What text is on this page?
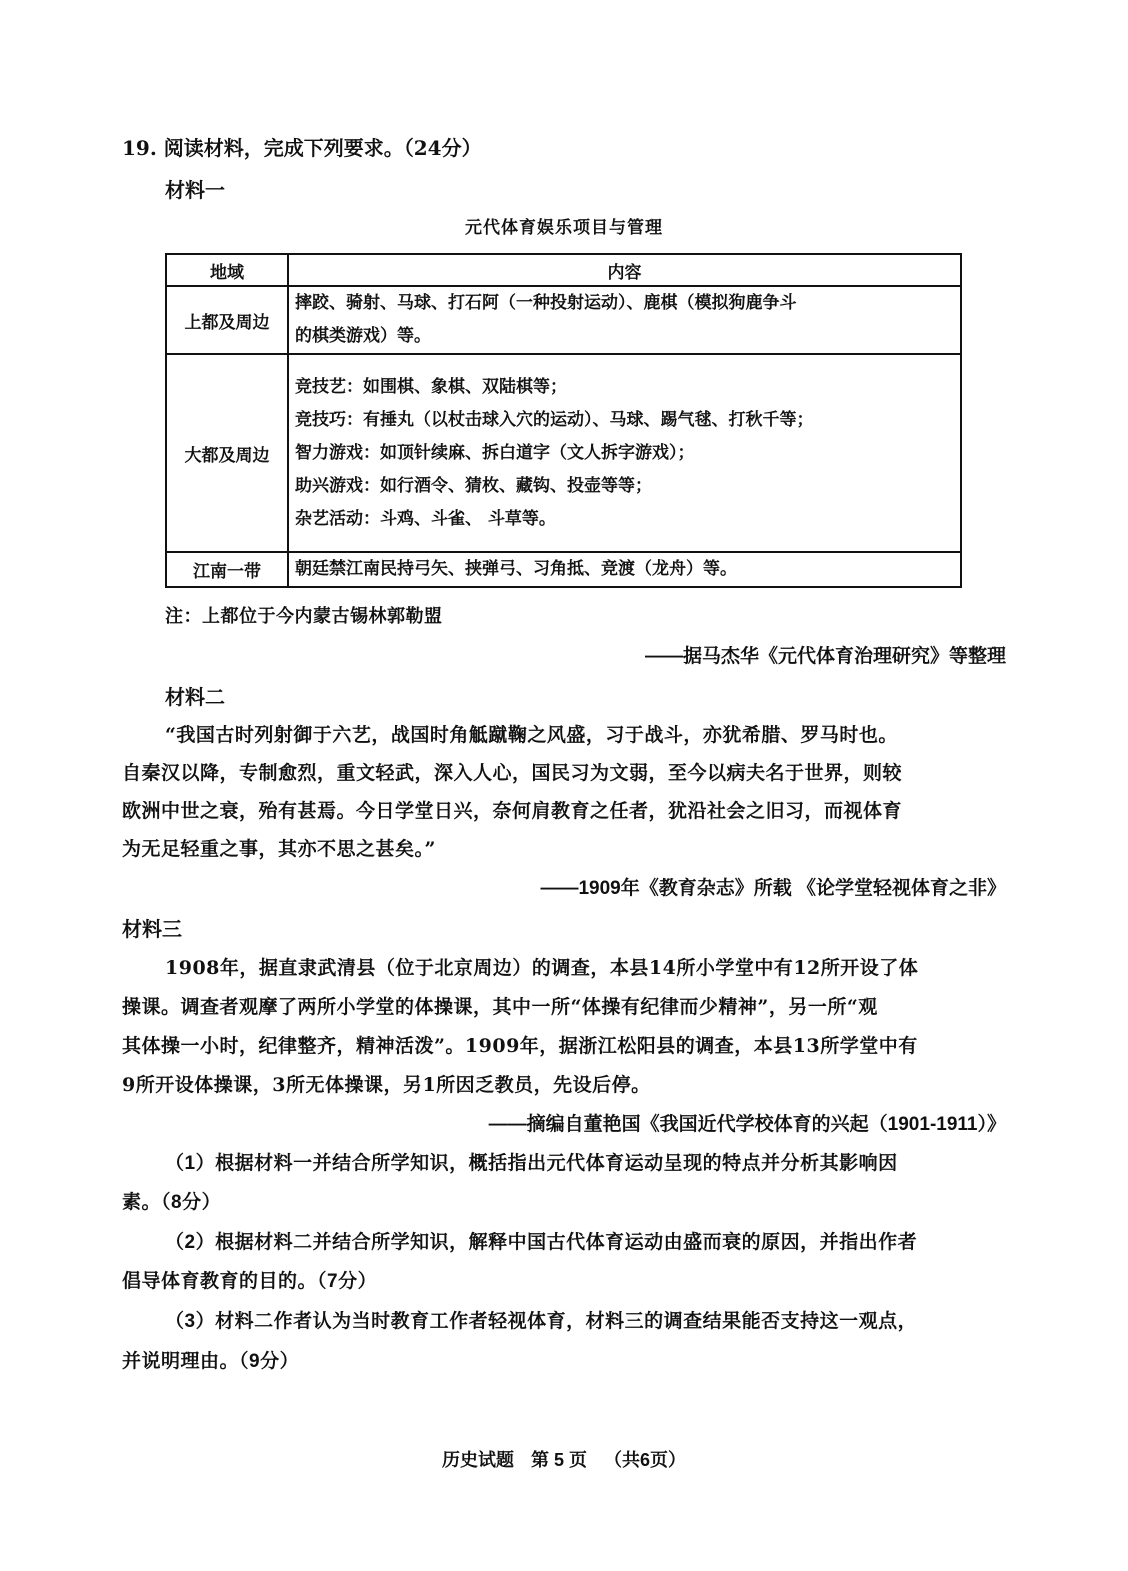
19. 阅读材料，完成下列要求。（24分）
材料一
元代体育娱乐项目与管理
地域	内容
上都及周边	摔跤、骑射、马球、打石阿（一种投射运动）、鹿棋（模拟狗鹿争斗
的棋类游戏）等。

大都及周边	竞技艺：如围棋、象棋、双陆棋等；
竞技巧：有捶丸（以杖击球入穴的运动）、马球、踢气毬、打秋千等；
智力游戏：如顶针续麻、拆白道字（文人拆字游戏）；
助兴游戏：如行酒令、猜枚、藏钩、投壶等等；
杂艺活动：斗鸡、斗雀、 斗草等。

江南一带	朝廷禁江南民持弓矢、挟弹弓、习角抵、竞渡（龙舟）等。
注：上都位于今内蒙古锡林郭勒盟
——据马杰华《元代体育治理研究》等整理
材料二
“我国古时列射御于六艺，战国时角觝蹴鞠之风盛，习于战斗，亦犹希腊、罗马时也。
自秦汉以降，专制愈烈，重文轻武，深入人心，国民习为文弱，至今以病夫名于世界，则较
欧洲中世之衰，殆有甚焉。今日学堂日兴，奈何肩教育之任者，犹沿社会之旧习，而视体育
为无足轻重之事，其亦不思之甚矣。”
——1909年《教育杂志》所载 《论学堂轻视体育之非》
材料三
1908年，据直隶武清县（位于北京周边）的调查，本县14所小学堂中有12所开设了体
操课。调查者观摩了两所小学堂的体操课，其中一所“体操有纪律而少精神”，另一所“观
其体操一小时，纪律整齐，精神活泼”。1909年，据浙江松阳县的调查，本县13所学堂中有
9所开设体操课，3所无体操课，另1所因乏教员，先设后停。
——摘编自董艳国《我国近代学校体育的兴起（1901-1911）》
（1）根据材料一并结合所学知识，概括指出元代体育运动呈现的特点并分析其影响因
素。（8分）
（2）根据材料二并结合所学知识，解释中国古代体育运动由盛而衰的原因，并指出作者
倡导体育教育的目的。（7分）
（3）材料二作者认为当时教育工作者轻视体育，材料三的调查结果能否支持这一观点，
并说明理由。（9分）
历史试题 第 5 页 （共6页）
